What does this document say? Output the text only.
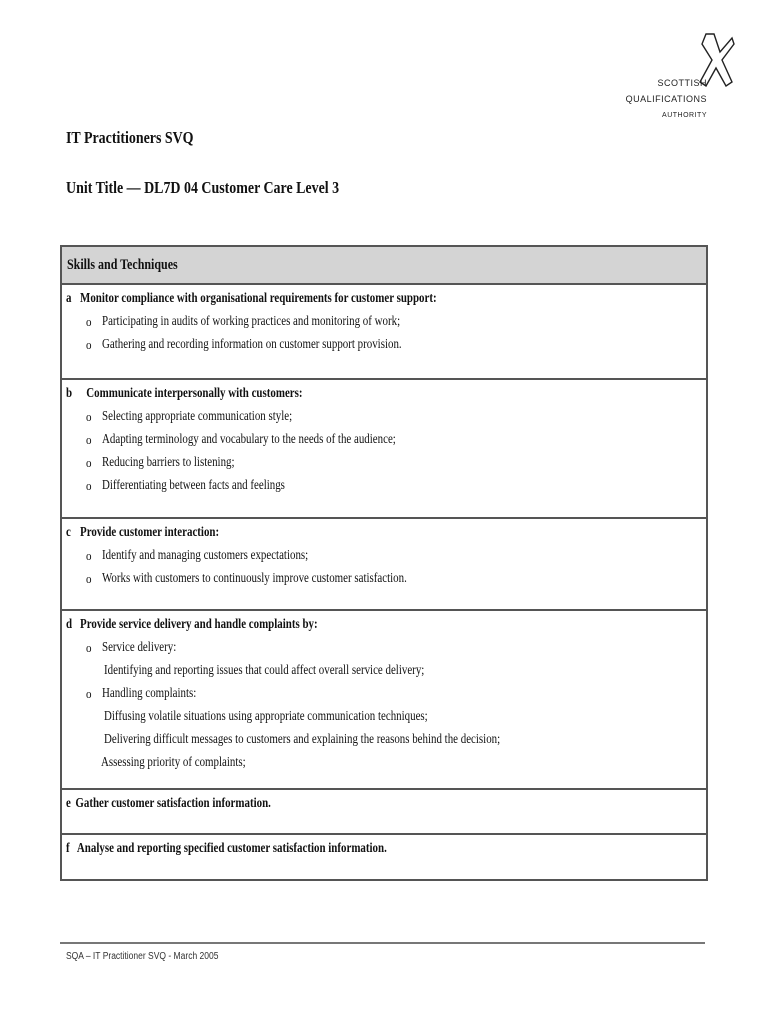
SCOTTISH
QUALIFICATIONS
AUTHORITY
IT Practitioners SVQ
Unit Title — DL7D 04 Customer Care Level 3
Skills and Techniques
a Monitor compliance with organisational requirements for customer support:
o Participating in audits of working practices and monitoring of work;
o Gathering and recording information on customer support provision.
b Communicate interpersonally with customers:
o Selecting appropriate communication style;
o Adapting terminology and vocabulary to the needs of the audience;
o Reducing barriers to listening;
o Differentiating between facts and feelings
c Provide customer interaction:
o Identify and managing customers expectations;
o Works with customers to continuously improve customer satisfaction.
d Provide service delivery and handle complaints by:
o Service delivery:
Identifying and reporting issues that could affect overall service delivery;
o Handling complaints:
Diffusing volatile situations using appropriate communication techniques;
Delivering difficult messages to customers and explaining the reasons behind the decision;
Assessing priority of complaints;
e Gather customer satisfaction information.
f Analyse and reporting specified customer satisfaction information.
SQA – IT Practitioner SVQ - March 2005
